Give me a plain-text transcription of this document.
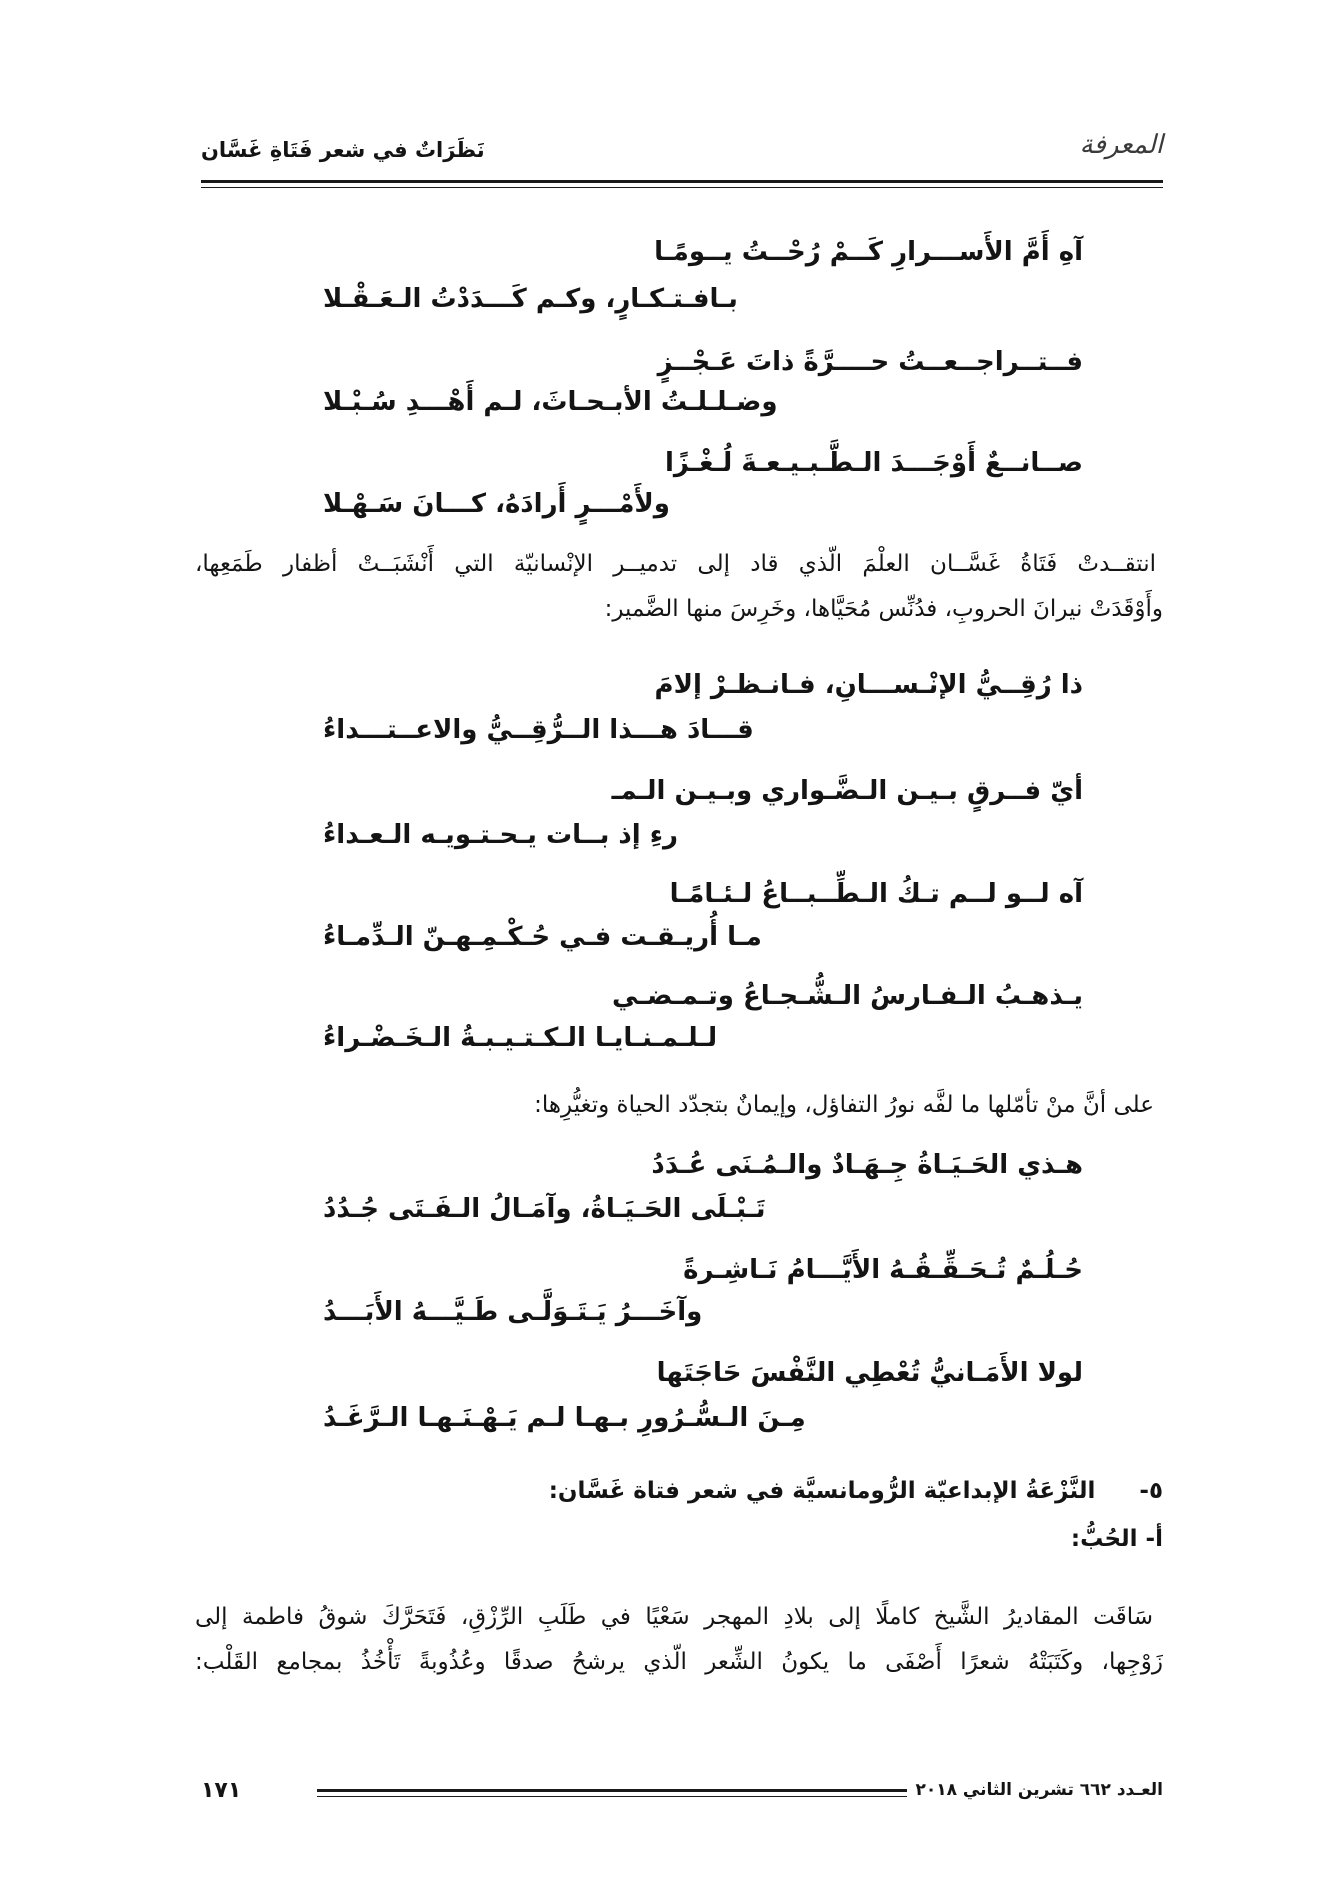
المعرفة
نَظَرَاتٌ في شعر فَتَاةِ غَسَّان
آهِ أَمَّ الأَســـرارِ كَــمْ رُحْــتُ يــومًـا
بـافـتـكـارٍ، وكـم كَـــدَدْتُ الـعَـقْـلا
فــتــراجــعــتُ حــــرَّةً ذاتَ عَـجْــزٍ
وضـلـلـتُ الأبـحـاثَ، لـم أَهْـــدِ سُـبْـلا
صــانــعٌ أَوْجَـــدَ الـطَّـبـيـعـةَ لُـغْـزًا
ولأَمْـــرٍ أَرادَهُ، كـــانَ سَـهْـلا
انتقــدتْ فَتَاةُ غَسَّــان العلْمَ الّذي قاد إلى تدميــر الإنْسانيّة التي أَنْشَبَــتْ أظفار طَمَعِها،
وأَوْقَدَتْ نيرانَ الحروبِ، فدُنِّس مُحَيَّاها، وخَرِسَ منها الضَّمير:
ذا رُقِــيُّ الإنْـســـانِ، فـانـظـرْ إلامَ
قـــادَ هـــذا الــرُّقِــيُّ والاعــتـــداءُ
أيّ فــرقٍ بـيـن الـضَّـواري وبـيـن الـمـ
رءِ إذ بــات يـحـتـويـه الـعـداءُ
آه لــو لــم تـكُ الـطِّــبــاعُ لـئـامًـا
مـا أُريـقـت فـي حُـكْـمِـهـنّ الـدِّمـاءُ
يـذهـبُ الـفـارسُ الـشُّـجـاعُ وتـمـضـي
لـلـمـنـايـا الـكـتـيـبـةُ الـخَـضْـراءُ
على أنَّ منْ تأمّلها ما لفَّه نورُ التفاؤل، وإيمانٌ بتجدّد الحياة وتغيُّرِها:
هـذي الحَـيَـاةُ جِـهَـادٌ والـمُـنَى عُـدَدُ
تَـبْـلَى الحَـيَـاةُ، وآمَـالُ الـفَـتَى جُـدُدُ
حُـلُـمٌ تُـحَـقِّـقُـهُ الأَيَّـــامُ نَـاشِـرةً
وآخَـــرُ يَـتَـوَلَّـى طَـيَّـــهُ الأَبَـــدُ
لولا الأَمَـانيُّ تُعْطِي النَّفْسَ حَاجَتَها
مِـنَ الـسُّـرُورِ بـهـا لـم يَـهْـنَـهـا الـرَّغَـدُ
٥-  النَّزْعَةُ الإبداعيّة الرُّومانسيَّة في شعر فتاة غَسَّان:
أ- الحُبُّ:
سَاقَت المقاديرُ الشَّيخ كاملًا إلى بلادِ المهجر سَعْيًا في طَلَبِ الرِّزْقِ، فَتَحَرَّكَ شوقُ فاطمة إلى
زَوْجِها، وكَتَبَتْهُ شعرًا أَصْفَى ما يكونُ الشِّعر الّذي يرشحُ صدقًا وعُذُوبةً تَأْخُذُ بمجامع القَلْب:
العـدد ٦٦٢ تشرين الثاني ٢٠١٨
١٧١
